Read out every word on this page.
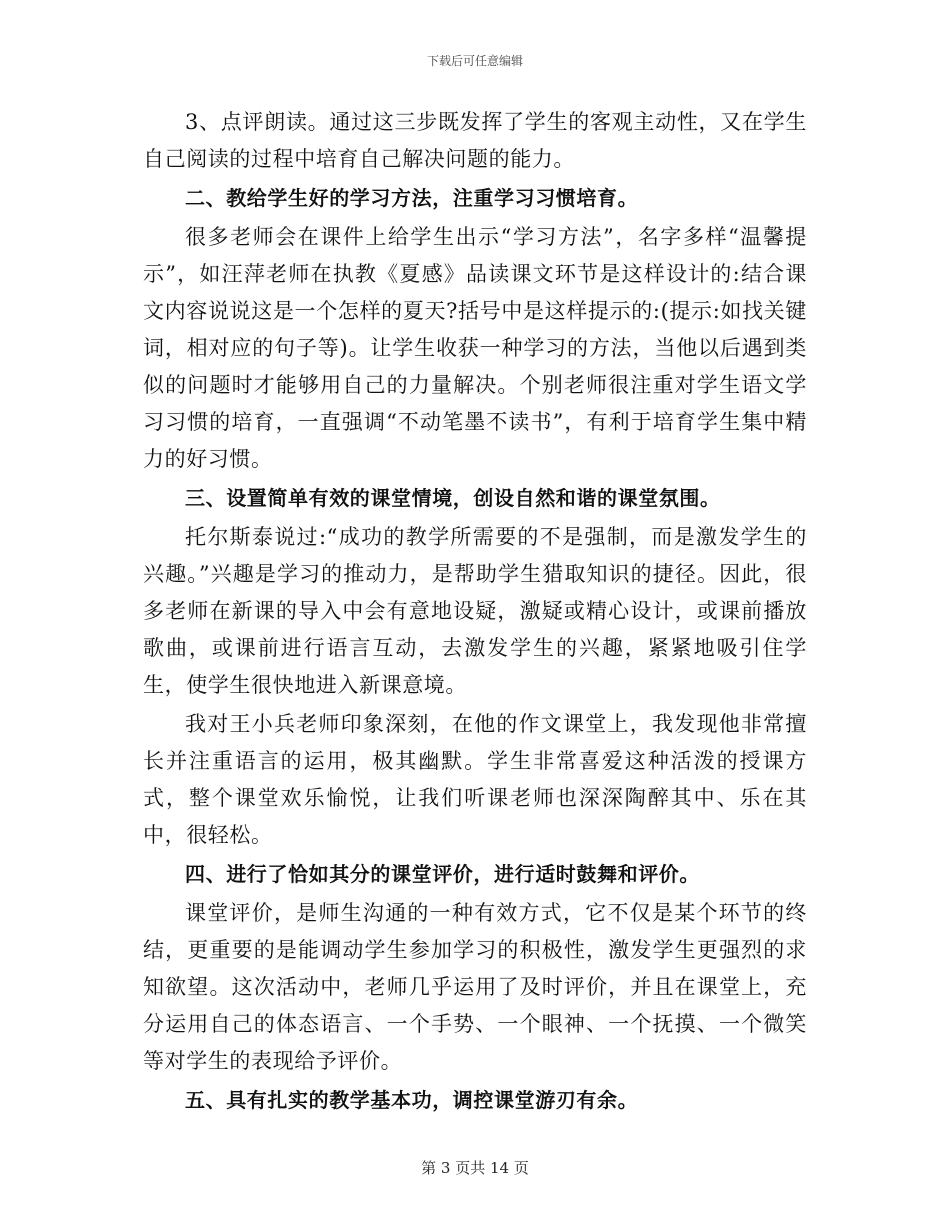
下载后可任意编辑

3、点评朗读。通过这三步既发挥了学生的客观主动性，又在学生自己阅读的过程中培育自己解决问题的能力。

二、教给学生好的学习方法，注重学习习惯培育。

很多老师会在课件上给学生出示“学习方法”，名字多样“温馨提示”，如汪萍老师在执教《夏感》品读课文环节是这样设计的:结合课文内容说说这是一个怎样的夏天?括号中是这样提示的:(提示:如找关键词，相对应的句子等)。让学生收获一种学习的方法，当他以后遇到类似的问题时才能够用自己的力量解决。个别老师很注重对学生语文学习习惯的培育，一直强调“不动笔墨不读书”，有利于培育学生集中精力的好习惯。

三、设置简单有效的课堂情境，创设自然和谐的课堂氛围。

托尔斯泰说过:“成功的教学所需要的不是强制，而是激发学生的兴趣。”兴趣是学习的推动力，是帮助学生猎取知识的捷径。因此，很多老师在新课的导入中会有意地设疑，激疑或精心设计，或课前播放歌曲，或课前进行语言互动，去激发学生的兴趣，紧紧地吸引住学生，使学生很快地进入新课意境。

我对王小兵老师印象深刻，在他的作文课堂上，我发现他非常擅长并注重语言的运用，极其幽默。学生非常喜爱这种活泼的授课方式，整个课堂欢乐愉悦，让我们听课老师也深深陶醉其中、乐在其中，很轻松。

四、进行了恰如其分的课堂评价，进行适时鼓舞和评价。

课堂评价，是师生沟通的一种有效方式，它不仅是某个环节的终结，更重要的是能调动学生参加学习的积极性，激发学生更强烈的求知欲望。这次活动中，老师几乎运用了及时评价，并且在课堂上，充分运用自己的体态语言、一个手势、一个眼神、一个抚摸、一个微笑等对学生的表现给予评价。

五、具有扎实的教学基本功，调控课堂游刃有余。

第 3 页共 14 页
